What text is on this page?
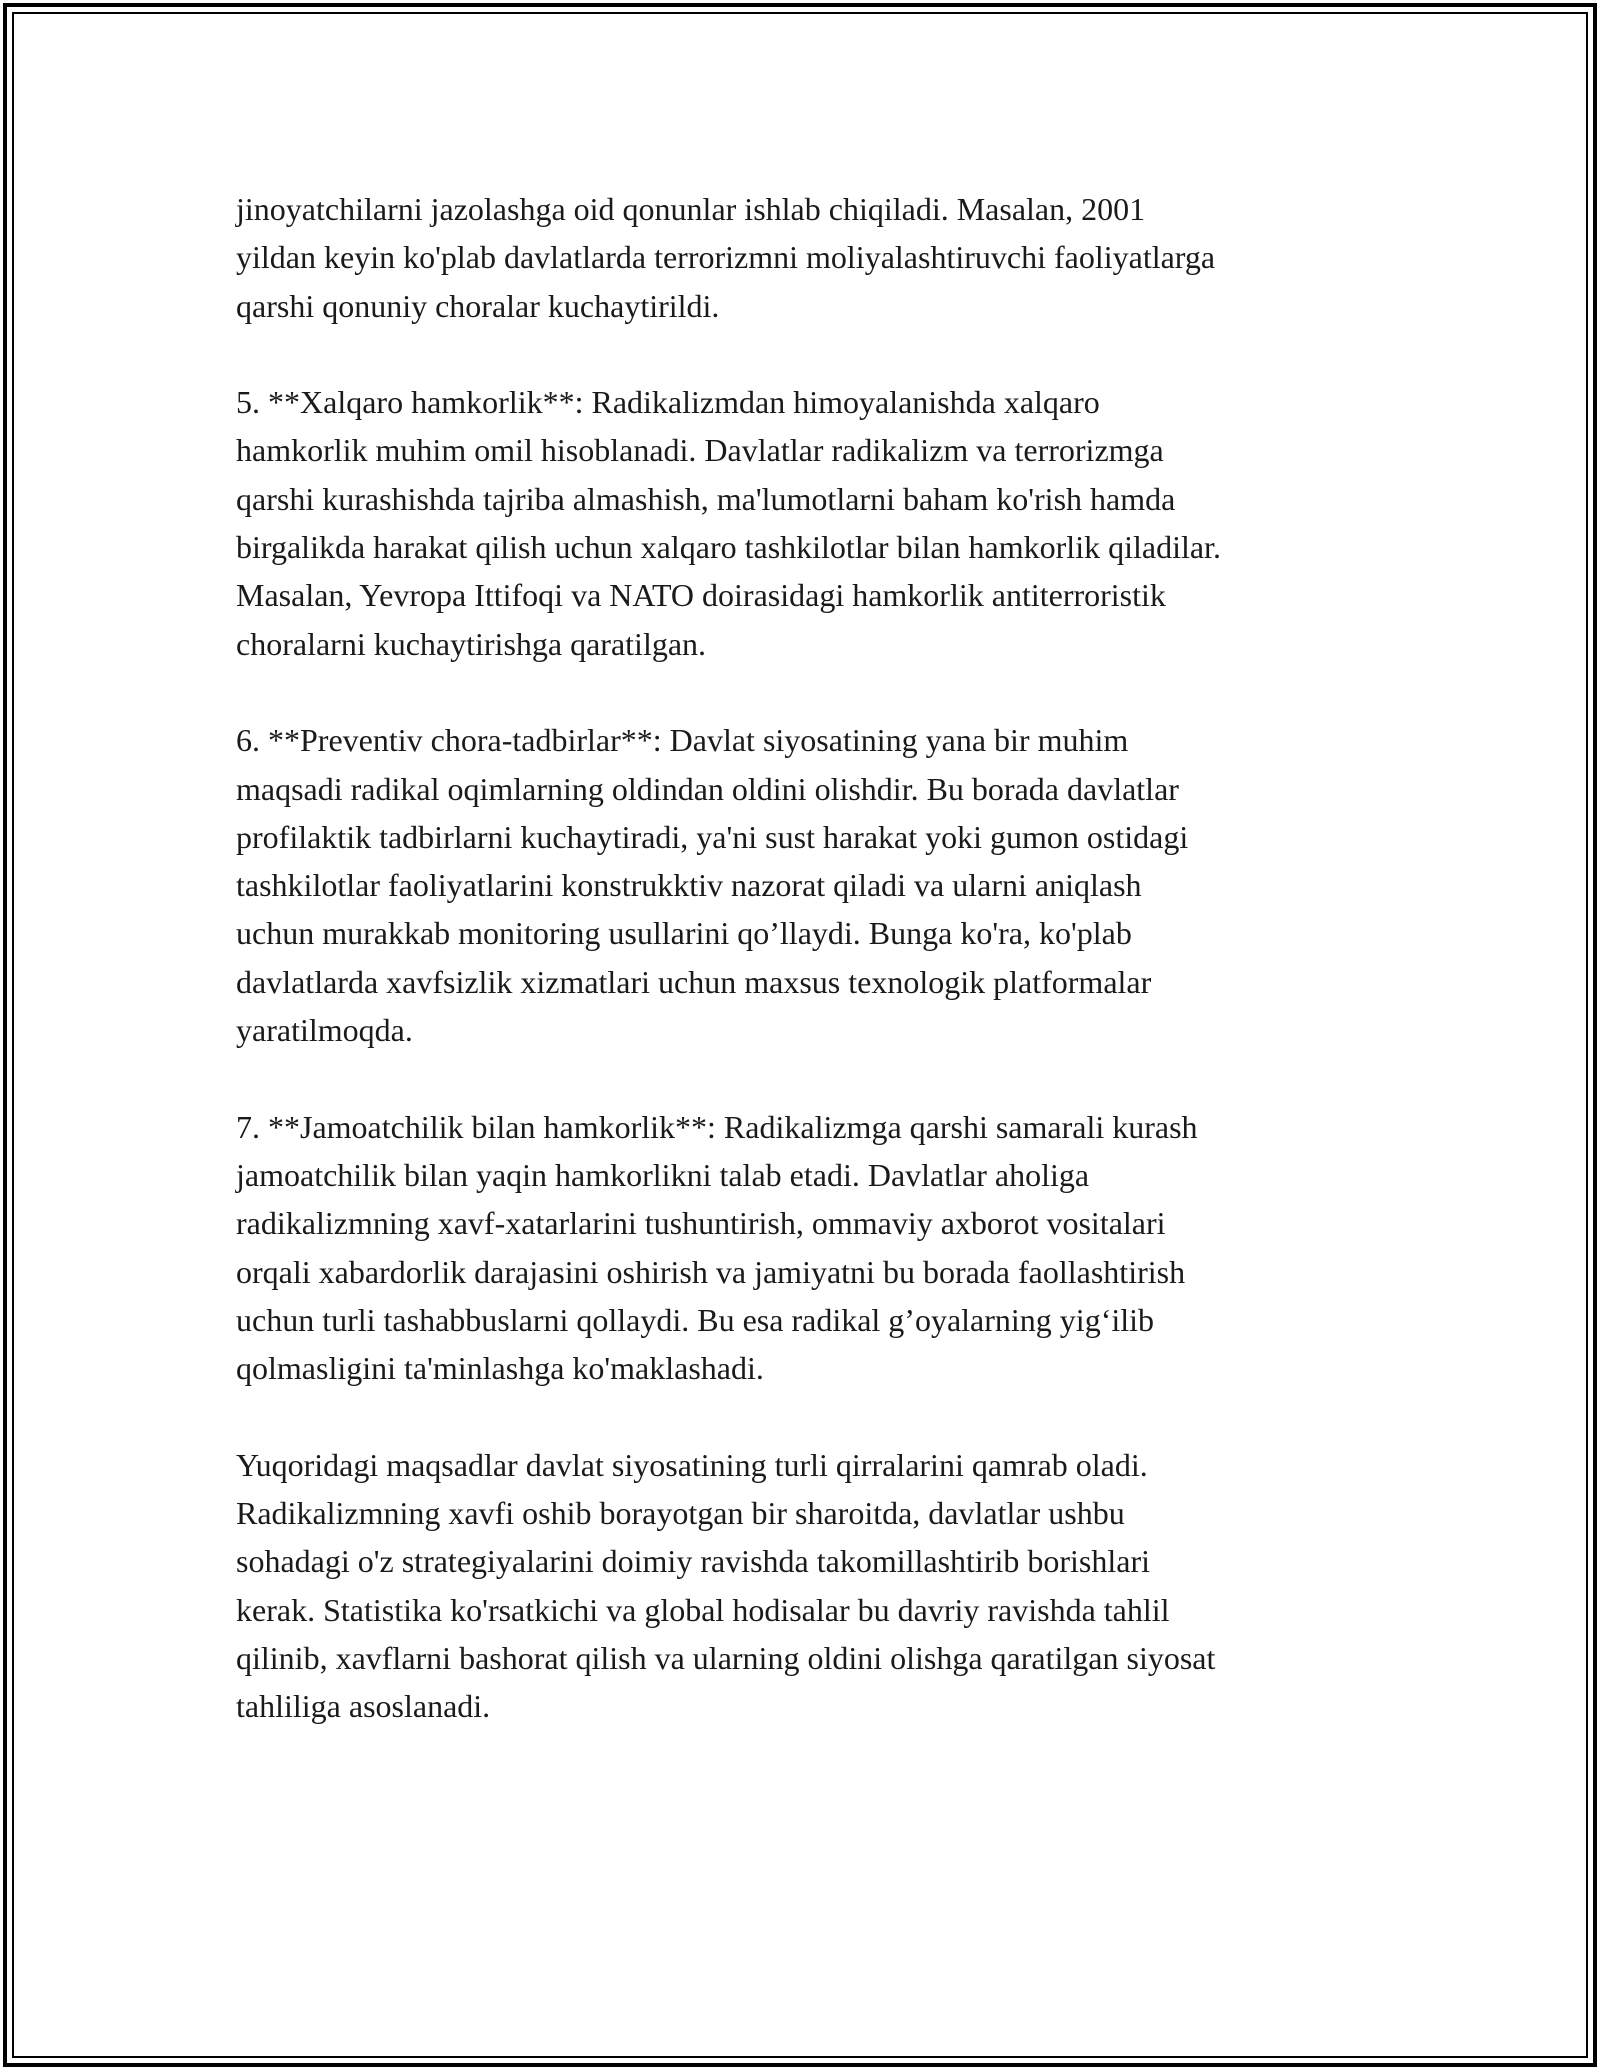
jinoyatchilarni jazolashga oid qonunlar ishlab chiqiladi. Masalan, 2001
yildan keyin ko'plab davlatlarda terrorizmni moliyalashtiruvchi faoliyatlarga
qarshi qonuniy choralar kuchaytirildi.

5. **Xalqaro hamkorlik**: Radikalizmdan himoyalanishda xalqaro
hamkorlik muhim omil hisoblanadi. Davlatlar radikalizm va terrorizmga
qarshi kurashishda tajriba almashish, ma'lumotlarni baham ko'rish hamda
birgalikda harakat qilish uchun xalqaro tashkilotlar bilan hamkorlik qiladilar.
Masalan, Yevropa Ittifoqi va NATO doirasidagi hamkorlik antiterroristik
choralarni kuchaytirishga qaratilgan.

6. **Preventiv chora-tadbirlar**: Davlat siyosatining yana bir muhim
maqsadi radikal oqimlarning oldindan oldini olishdir. Bu borada davlatlar
profilaktik tadbirlarni kuchaytiradi, ya'ni sust harakat yoki gumon ostidagi
tashkilotlar faoliyatlarini konstrukktiv nazorat qiladi va ularni aniqlash
uchun murakkab monitoring usullarini qo’llaydi. Bunga ko'ra, ko'plab
davlatlarda xavfsizlik xizmatlari uchun maxsus texnologik platformalar
yaratilmoqda.

7. **Jamoatchilik bilan hamkorlik**: Radikalizmga qarshi samarali kurash
jamoatchilik bilan yaqin hamkorlikni talab etadi. Davlatlar aholiga
radikalizmning xavf-xatarlarini tushuntirish, ommaviy axborot vositalari
orqali xabardorlik darajasini oshirish va jamiyatni bu borada faollashtirish
uchun turli tashabbuslarni qollaydi. Bu esa radikal g’oyalarning yig‘ilib
qolmasligini ta'minlashga ko'maklashadi.

Yuqoridagi maqsadlar davlat siyosatining turli qirralarini qamrab oladi.
Radikalizmning xavfi oshib borayotgan bir sharoitda, davlatlar ushbu
sohadagi o'z strategiyalarini doimiy ravishda takomillashtirib borishlari
kerak. Statistika ko'rsatkichi va global hodisalar bu davriy ravishda tahlil
qilinib, xavflarni bashorat qilish va ularning oldini olishga qaratilgan siyosat
tahliliga asoslanadi.
